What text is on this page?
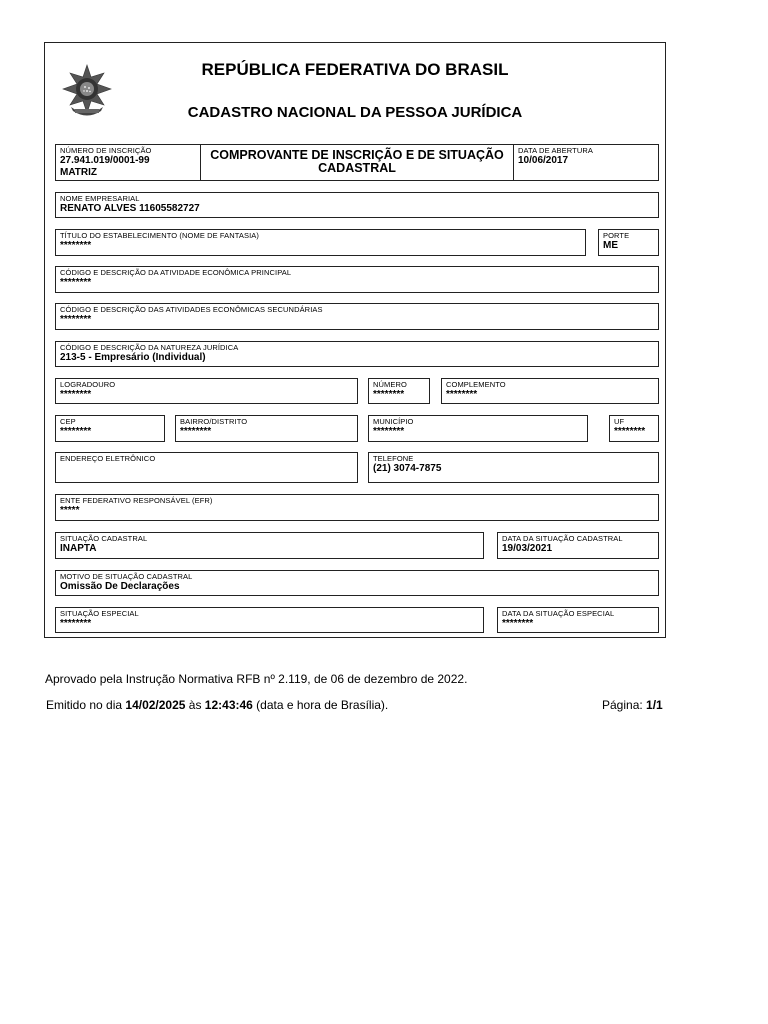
REPÚBLICA FEDERATIVA DO BRASIL
CADASTRO NACIONAL DA PESSOA JURÍDICA
NÚMERO DE INSCRIÇÃO
27.941.019/0001-99
MATRIZ
COMPROVANTE DE INSCRIÇÃO E DE SITUAÇÃO CADASTRAL
DATA DE ABERTURA
10/06/2017
NOME EMPRESARIAL
RENATO ALVES 11605582727
TÍTULO DO ESTABELECIMENTO (NOME DE FANTASIA)
********
PORTE
ME
CÓDIGO E DESCRIÇÃO DA ATIVIDADE ECONÔMICA PRINCIPAL
********
CÓDIGO E DESCRIÇÃO DAS ATIVIDADES ECONÔMICAS SECUNDÁRIAS
********
CÓDIGO E DESCRIÇÃO DA NATUREZA JURÍDICA
213-5 - Empresário (Individual)
LOGRADOURO
********
NÚMERO
********
COMPLEMENTO
********
CEP
********
BAIRRO/DISTRITO
********
MUNICÍPIO
********
UF
********
ENDEREÇO ELETRÔNICO	TELEFONE
(21) 3074-7875
ENTE FEDERATIVO RESPONSÁVEL (EFR)
*****
SITUAÇÃO CADASTRAL
INAPTA
DATA DA SITUAÇÃO CADASTRAL
19/03/2021
MOTIVO DE SITUAÇÃO CADASTRAL
Omissão De Declarações
SITUAÇÃO ESPECIAL
********
DATA DA SITUAÇÃO ESPECIAL
********
Aprovado pela Instrução Normativa RFB nº 2.119, de 06 de dezembro de 2022.
Emitido no dia 14/02/2025 às 12:43:46 (data e hora de Brasília).	Página: 1/1
